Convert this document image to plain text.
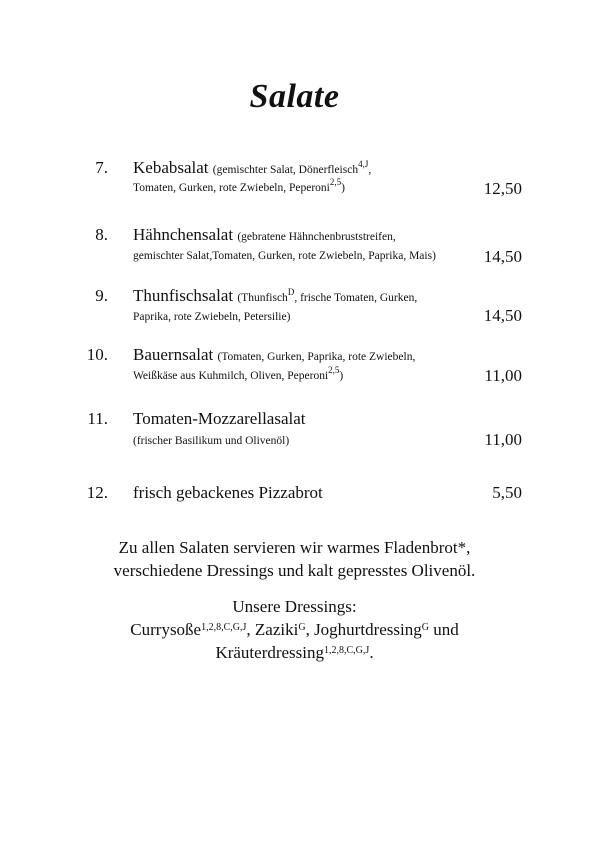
Salate
7. Kebabsalat (gemischter Salat, Dönerfleisch$^{4,J}$,
Tomaten, Gurken, rote Zwiebeln, Peperoni$^{2,5}$)	12,50
8. Hähnchensalat (gebratene Hähnchenbruststreifen,
gemischter Salat,Tomaten, Gurken, rote Zwiebeln, Paprika, Mais)	14,50
9. Thunfischsalat (Thunfisch$^D$, frische Tomaten, Gurken,
Paprika, rote Zwiebeln, Petersilie)	14,50
10. Bauernsalat (Tomaten, Gurken, Paprika, rote Zwiebeln,
Weißkäse aus Kuhmilch, Oliven, Peperoni$^{2,5}$)	11,00
11. Tomaten-Mozzarellasalat
(frischer Basilikum und Olivenöl)	11,00
12. frisch gebackenes Pizzabrot	5,50
Zu allen Salaten servieren wir warmes Fladenbrot*,
verschiedene Dressings und kalt gepresstes Olivenöl.
Unsere Dressings:
Currysoße$^{1,2,8,C,G,J}$, Zaziki$^G$, Joghurtdressing$^G$ und
Kräuterdressing$^{1,2,8,C,G,J}$.
